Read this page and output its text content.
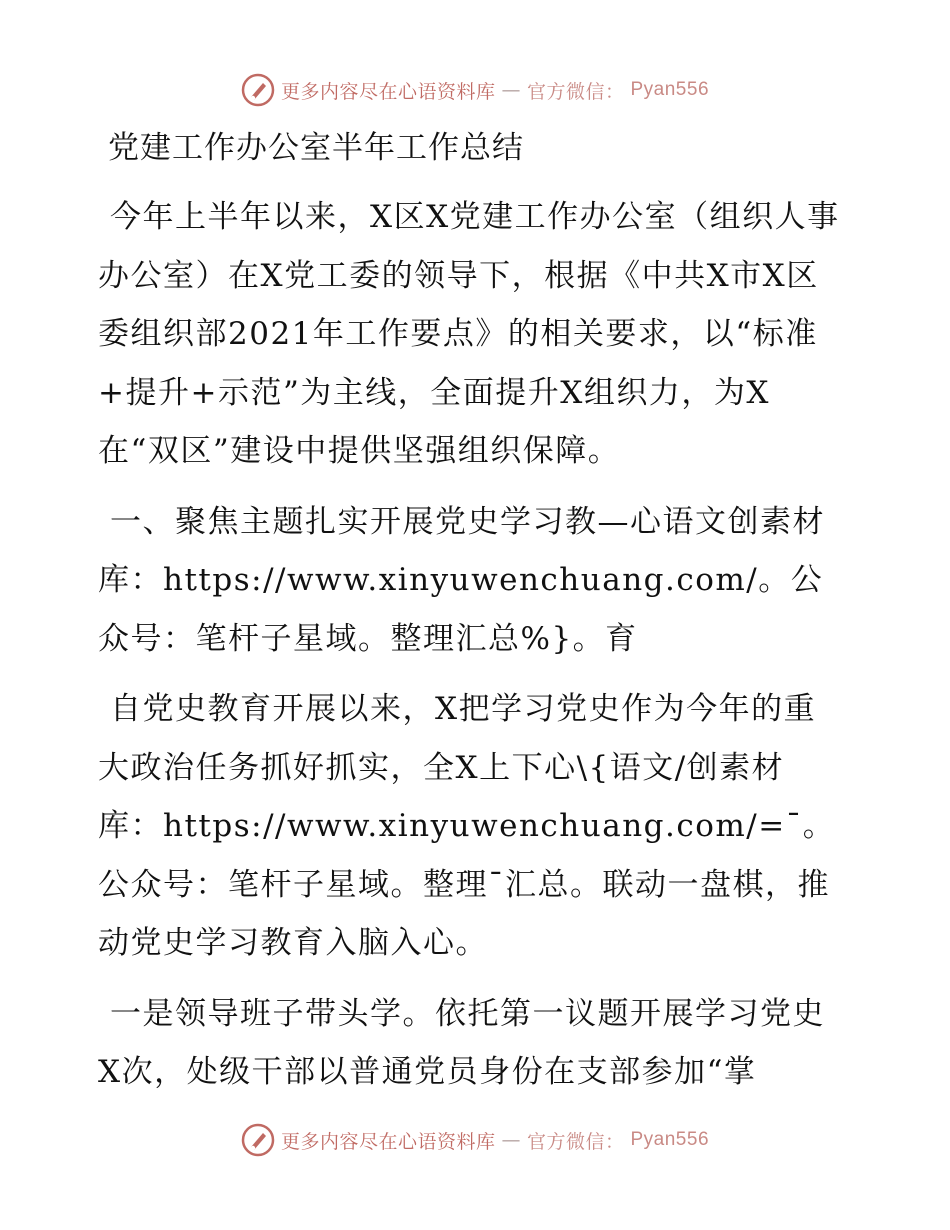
更多内容尽在心语资料库 — 官方微信： Pyan556
党建工作办公室半年工作总结

今年上半年以来，X区X党建工作办公室（组织人事办公室）在X党工委的领导下，根据《中共X市X区委组织部2021年工作要点》的相关要求，以“标准+提升+示范”为主线，全面提升X组织力，为X在“双区”建设中提供坚强组织保障。

一、聚焦主题扎实开展党史学习教—心语文创素材库：https://www.xinyuwenchuang.com/。公众号：笔杆子星域。整理汇总%}。育

自党史教育开展以来，X把学习党史作为今年的重大政治任务抓好抓实，全X上下心\{语文/创素材库：https://www.xinyuwenchuang.com/=¯。公众号：笔杆子星域。整理¯汇总。联动一盘棋，推动党史学习教育入脑入心。

一是领导班子带头学。依托第一议题开展学习党史X次，处级干部以普通党员身份在支部参加“掌

更多内容尽在心语资料库 — 官方微信： Pyan556
